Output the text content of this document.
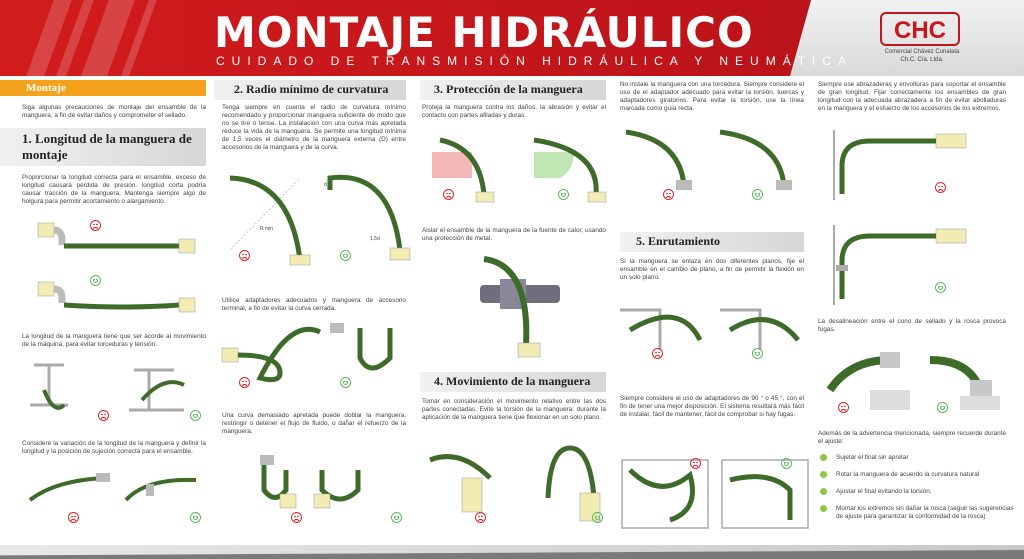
MONTAJE HIDRÁULICO
CUIDADO DE TRANSMISIÓN HIDRÁULICA Y NEUMÁTICA
CHC
Comercial Chávez Cunalata
Ch.C. Cía. Ltda.
Montaje
Siga algunas precauciones de montaje del ensamble de la manguera, a fin de evitar daños y comprometer el sellado.
1. Longitud de la manguera de
montaje
Proporcionar la longitud correcta para el ensamble. exceso de longitud causará pérdida de presión. longitud corta podría causar tracción de la manguera. Mantenga siempre algo de holgura para permitir acortamiento o alargamiento.
La longitud de la manguera tiene que ser acorde al movimiento de la máquina, para evitar torceduras y tensión.
Considere la variación de la longitud de la manguera y definir la longitud y la posición de sujeción correcta para el ensamble.
2. Radio mínimo de curvatura
Tenga siempre en cuenta el radio de curvatura mínimo recomendado y proporcionar manguera suficiente de modo que no se tire o tense. La instalación con una curva más apretada reduce la vida de la manguera. Se permite una longitud mínima de 1,5 veces el diámetro de la manguera externa (D) entre accesorios de la manguera y de la curva.
R min
d
1,5d
Utilice adaptadores adecuados y manguera de accesorio terminal, a fin de evitar la curva cerrada.
Una curva demasiado apretada puede doblar la manguera, restringir o detener el flujo de fluido, o dañar el refuerzo de la manguera.
3. Protección de la manguera
Proteja la manguera contra los daños, la abrasión y evitar el contacto con partes afiladas y duras.
Aislar el ensamble de la manguera de la fuente de calor, usando una protección de metal.
4. Movimiento de la manguera
Tomar en consideración el movimiento relativo entre las dos partes conectadas. Evite la torsión de la manguera: durante la aplicación de la manguera tiene que flexionar en un solo plano.
No instale la manguera con una torcedura. Siempre considere el uso de el adaptador adecuado para evitar la torsión, tuercas y adaptadores giratorios. Para evitar la torsión, use la línea marcada como guía recta.
5. Enrutamiento
Si la manguera se enlaza en dos diferentes planos, fije el ensamble en el cambio de plano, a fin de permitir la flexión en un solo plano.
Siempre considere el uso de adaptadores de 90 ° o 45 °, con el fin de tener una mejor disposición. El sistema resultará más fácil de instalar, fácil de mantener, fácil de comprobar si hay fugas.
Siempre use abrazaderas y envolturas para soportar el ensamble de gran longitud. Fijar correctamente los ensambles de gran longitud con la adecuada abrazadera a fin de evitar abolladuras en la manguera y el esfuerzo de los accesorios de los extremos.
La desalineación entre el cono de sellado y la rosca provoca fugas.
Además de la advertencia mencionada, siempre recuerde durante el ajuste:
Sujetar el final sin apretar
Rotar la manguera de acuerdo la curvatura natural
Ajustar el final evitando la torsión.
Montar los extremos sin dañar la rosca (seguir las sugerencias de ajuste para garantizar la conformidad de la rosca)
